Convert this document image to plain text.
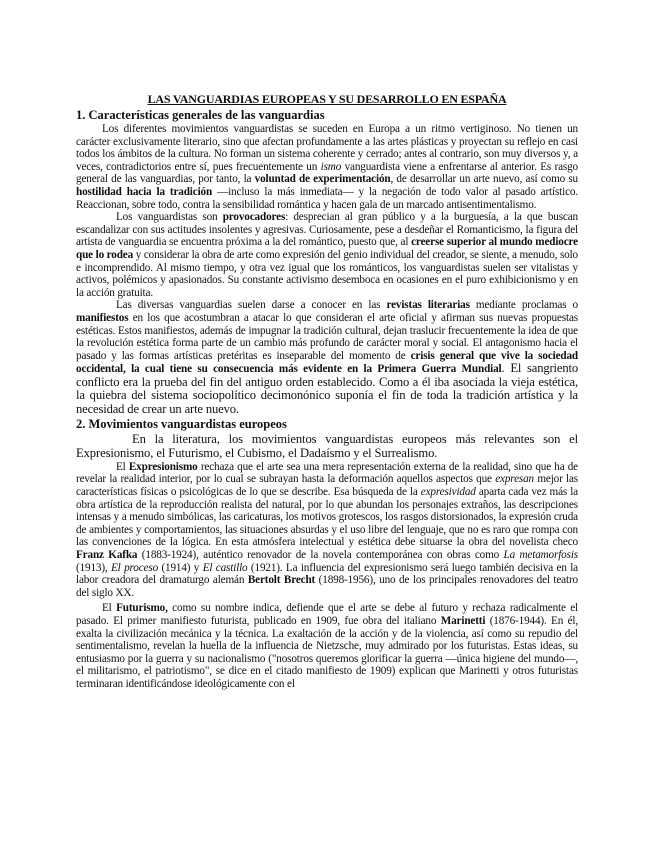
LAS VANGUARDIAS EUROPEAS Y SU DESARROLLO EN ESPAÑA
1. Características generales de las vanguardias

Los diferentes movimientos vanguardistas se suceden en Europa a un ritmo vertiginoso. No tienen un carácter exclusivamente literario, sino que afectan profundamente a las artes plásticas y proyectan su reflejo en casi todos los ámbitos de la cultura. No forman un sistema coherente y cerrado; antes al contrario, son muy diversos y, a veces, contradictorios entre sí, pues frecuentemente un ismo vanguardista viene a enfrentarse al anterior. Es rasgo general de las vanguardias, por tanto, la voluntad de experimentación, de desarrollar un arte nuevo, así como su hostilidad hacia la tradición —incluso la más inmediata— y la negación de todo valor al pasado artístico. Reaccionan, sobre todo, contra la sensibilidad romántica y hacen gala de un marcado antisentimentalismo.

Los vanguardistas son provocadores: desprecian al gran público y a la burguesía, a la que buscan escandalizar con sus actitudes insolentes y agresivas. Curiosamente, pese a desdeñar el Romanticismo, la figura del artista de vanguardia se encuentra próxima a la del romántico, puesto que, al creerse superior al mundo mediocre que lo rodea y considerar la obra de arte como expresión del genio individual del creador, se siente, a menudo, solo e incomprendido. Al mismo tiempo, y otra vez igual que los románticos, los vanguardistas suelen ser vitalistas y activos, polémicos y apasionados. Su constante activismo desemboca en ocasiones en el puro exhibicionismo y en la acción gratuita.

Las diversas vanguardias suelen darse a conocer en las revistas literarias mediante proclamas o manifiestos en los que acostumbran a atacar lo que consideran el arte oficial y afirman sus nuevas propuestas estéticas. Estos manifiestos, además de impugnar la tradición cultural, dejan traslucir frecuentemente la idea de que la revolución estética forma parte de un cambio más profundo de carácter moral y social. El antagonismo hacia el pasado y las formas artísticas pretéritas es inseparable del momento de crisis general que vive la sociedad occidental, la cual tiene su consecuencia más evidente en la Primera Guerra Mundial. El sangriento conflicto era la prueba del fin del antiguo orden establecido. Como a él iba asociada la vieja estética, la quiebra del sistema sociopolítico decimonónico suponía el fin de toda la tradición artística y la necesidad de crear un arte nuevo.

2. Movimientos vanguardistas europeos

En la literatura, los movimientos vanguardistas europeos más relevantes son el Expresionismo, el Futurismo, el Cubismo, el Dadaísmo y el Surrealismo.

El Expresionismo rechaza que el arte sea una mera representación externa de la realidad, sino que ha de revelar la realidad interior, por lo cual se subrayan hasta la deformación aquellos aspectos que expresan mejor las características físicas o psicológicas de lo que se describe. Esa búsqueda de la expresividad aparta cada vez más la obra artística de la reproducción realista del natural, por lo que abundan los personajes extraños, las descripciones intensas y a menudo simbólicas, las caricaturas, los motivos grotescos, los rasgos distorsionados, la expresión cruda de ambientes y comportamientos, las situaciones absurdas y el uso libre del lenguaje, que no es raro que rompa con las convenciones de la lógica. En esta atmósfera intelectual y estética debe situarse la obra del novelista checo Franz Kafka (1883-1924), auténtico renovador de la novela contemporánea con obras como La metamorfosis (1913), El proceso (1914) y El castillo (1921). La influencia del expresionismo será luego también decisiva en la labor creadora del dramaturgo alemán Bertolt Brecht (1898-1956), uno de los principales renovadores del teatro del siglo XX.

El Futurismo, como su nombre indica, defiende que el arte se debe al futuro y rechaza radicalmente el pasado. El primer manifiesto futurista, publicado en 1909, fue obra del italiano Marinetti (1876-1944). En él, exalta la civilización mecánica y la técnica. La exaltación de la acción y de la violencia, así como su repudio del sentimentalismo, revelan la huella de la influencia de Nietzsche, muy admirado por los futuristas. Estas ideas, su entusiasmo por la guerra y su nacionalismo ("nosotros queremos glorificar la guerra —única higiene del mundo—, el militarismo, el patriotismo", se dice en el citado manifiesto de 1909) explican que Marinetti y otros futuristas terminaran identificándose ideológicamente con el
